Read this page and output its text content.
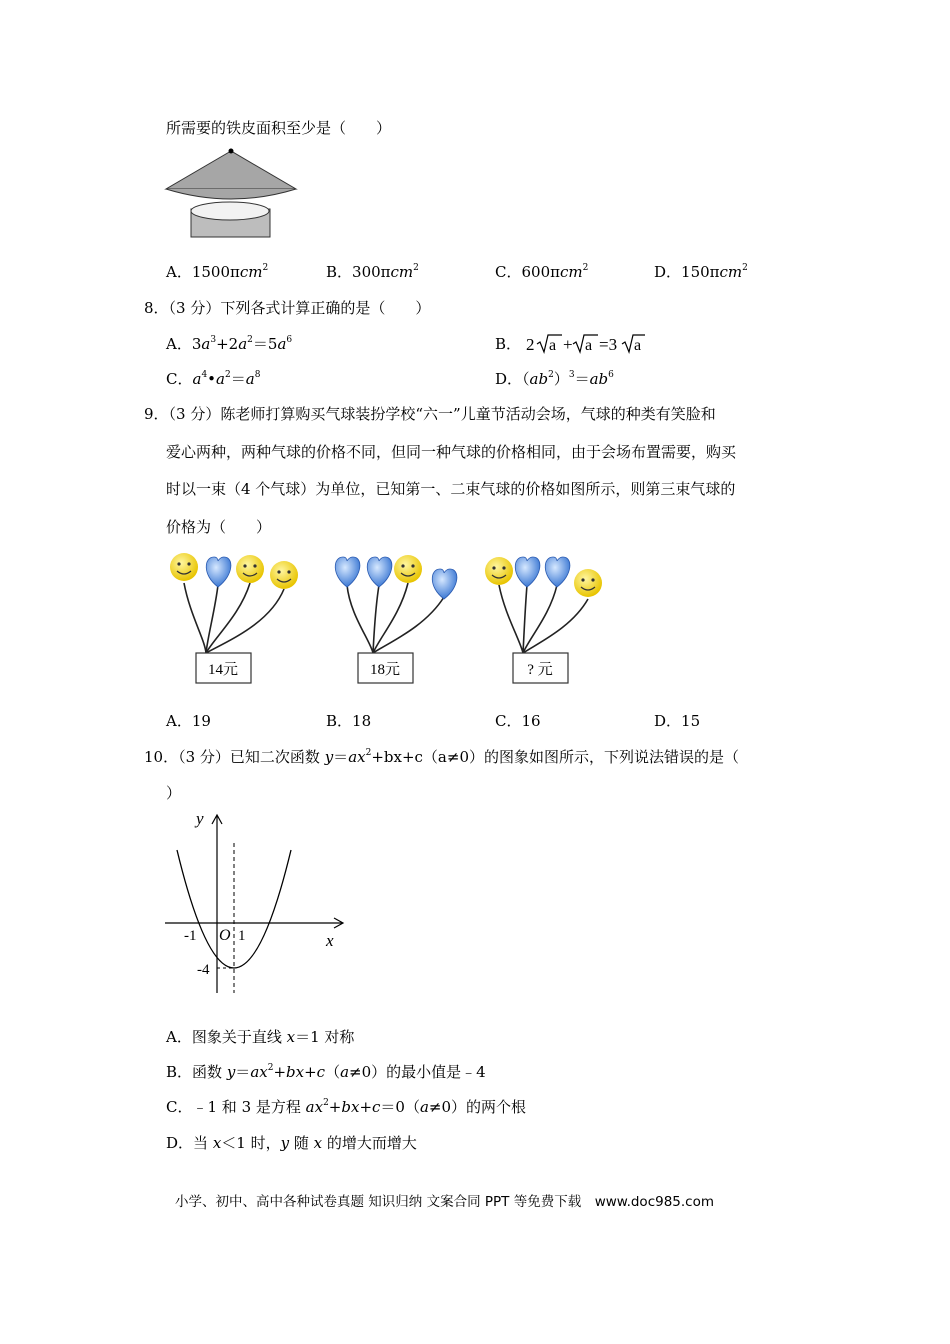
所需要的铁皮面积至少是（　　）
A．1500πcm$^2$	B．300πcm$^2$	C．600πcm$^2$	D．150πcm$^2$
8．（3 分）下列各式计算正确的是（　　）
A．$3a^3+2a^2=5a^6$	B． 2 a + a =3 a
C．$a^4•a^2=a^8$	D．$(ab^2)^3=ab^6$
9．（3 分）陈老师打算购买气球装扮学校“六一”儿童节活动会场，气球的种类有笑脸和
爱心两种，两种气球的价格不同，但同一种气球的价格相同，由于会场布置需要，购买
时以一束（4 个气球）为单位，已知第一、二束气球的价格如图所示，则第三束气球的
价格为（　　）
14元	18元	? 元
A．19	B．18	C．16	D．15
10．（3 分）已知二次函数 $y=ax^2+bx+c(a\ne 0)$的图象如图所示，下列说法错误的是（
）
y
x
O
-1	1
-4
A．图象关于直线 x＝1 对称
B．函数 $y=ax^2+bx+c(a\ne 0)$的最小值是﹣4
C．﹣1 和 3 是方程 $ax^2+bx+c=0(a\ne 0)$的两个根
D．当 x＜1 时，y 随 x 的增大而增大
小学、初中、高中各种试卷真题 知识归纳 文案合同 PPT 等免费下载　www.doc985.com
